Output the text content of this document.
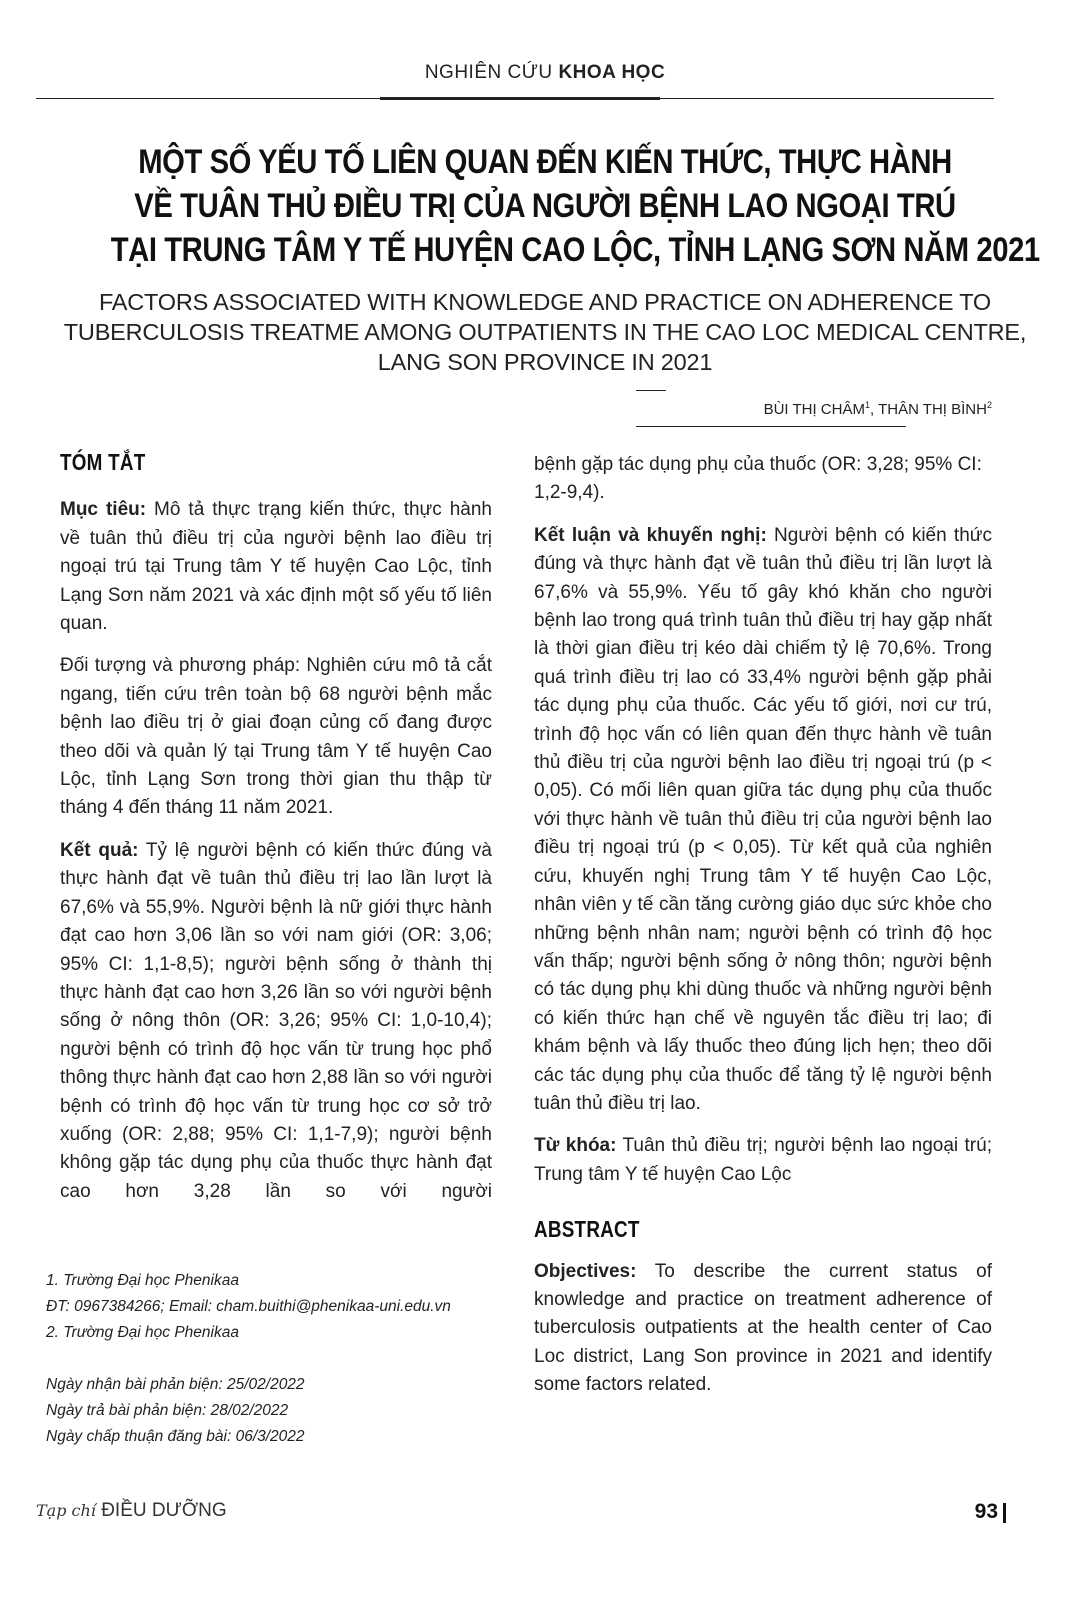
NGHIÊN CỨU KHOA HỌC
MỘT SỐ YẾU TỐ LIÊN QUAN ĐẾN KIẾN THỨC, THỰC HÀNH
VỀ TUÂN THỦ ĐIỀU TRỊ CỦA NGƯỜI BỆNH LAO NGOẠI TRÚ
TẠI TRUNG TÂM Y TẾ HUYỆN CAO LỘC, TỈNH LẠNG SƠN NĂM 2021
FACTORS ASSOCIATED WITH KNOWLEDGE AND PRACTICE ON ADHERENCE TO
TUBERCULOSIS TREATME AMONG OUTPATIENTS IN THE CAO LOC MEDICAL CENTRE,
LANG SON PROVINCE IN 2021
BÙI THỊ CHÂM$^1$, THÂN THỊ BÌNH$^2$
TÓM TẮT

Mục tiêu: Mô tả thực trạng kiến thức, thực hành về tuân thủ điều trị của người bệnh lao điều trị ngoại trú tại Trung tâm Y tế huyện Cao Lộc, tỉnh Lạng Sơn năm 2021 và xác định một số yếu tố liên quan.

Đối tượng và phương pháp: Nghiên cứu mô tả cắt ngang, tiến cứu trên toàn bộ 68 người bệnh mắc bệnh lao điều trị ở giai đoạn củng cố đang được theo dõi và quản lý tại Trung tâm Y tế huyện Cao Lộc, tỉnh Lạng Sơn trong thời gian thu thập từ tháng 4 đến tháng 11 năm 2021.

Kết quả: Tỷ lệ người bệnh có kiến thức đúng và thực hành đạt về tuân thủ điều trị lao lần lượt là 67,6% và 55,9%. Người bệnh là nữ giới thực hành đạt cao hơn 3,06 lần so với nam giới (OR: 3,06; 95% CI: 1,1-8,5); người bệnh sống ở thành thị thực hành đạt cao hơn 3,26 lần so với người bệnh sống ở nông thôn (OR: 3,26; 95% CI: 1,0-10,4); người bệnh có trình độ học vấn từ trung học phổ thông thực hành đạt cao hơn 2,88 lần so với người bệnh có trình độ học vấn từ trung học cơ sở trở xuống (OR: 2,88; 95% CI: 1,1-7,9); người bệnh không gặp tác dụng phụ của thuốc thực hành đạt cao hơn 3,28 lần so với người

bệnh gặp tác dụng phụ của thuốc (OR: 3,28; 95% CI: 1,2-9,4).

Kết luận và khuyến nghị: Người bệnh có kiến thức đúng và thực hành đạt về tuân thủ điều trị lần lượt là 67,6% và 55,9%. Yếu tố gây khó khăn cho người bệnh lao trong quá trình tuân thủ điều trị hay gặp nhất là thời gian điều trị kéo dài chiếm tỷ lệ 70,6%. Trong quá trình điều trị lao có 33,4% người bệnh gặp phải tác dụng phụ của thuốc. Các yếu tố giới, nơi cư trú, trình độ học vấn có liên quan đến thực hành về tuân thủ điều trị của người bệnh lao điều trị ngoại trú (p < 0,05). Có mối liên quan giữa tác dụng phụ của thuốc với thực hành về tuân thủ điều trị của người bệnh lao điều trị ngoại trú (p < 0,05). Từ kết quả của nghiên cứu, khuyến nghị Trung tâm Y tế huyện Cao Lộc, nhân viên y tế cần tăng cường giáo dục sức khỏe cho những bệnh nhân nam; người bệnh có trình độ học vấn thấp; người bệnh sống ở nông thôn; người bệnh có tác dụng phụ khi dùng thuốc và những người bệnh có kiến thức hạn chế về nguyên tắc điều trị lao; đi khám bệnh và lấy thuốc theo đúng lịch hẹn; theo dõi các tác dụng phụ của thuốc để tăng tỷ lệ người bệnh tuân thủ điều trị lao.

Từ khóa: Tuân thủ điều trị; người bệnh lao ngoại trú; Trung tâm Y tế huyện Cao Lộc

ABSTRACT

Objectives: To describe the current status of knowledge and practice on treatment adherence of tuberculosis outpatients at the health center of Cao Loc district, Lang Son province in 2021 and identify some factors related.

1. Trường Đại học Phenikaa
ĐT: 0967384266; Email: cham.buithi@phenikaa-uni.edu.vn
2. Trường Đại học Phenikaa
Ngày nhận bài phản biện: 25/02/2022
Ngày trả bài phản biện: 28/02/2022
Ngày chấp thuận đăng bài: 06/3/2022
Tạp chí ĐIỀU DƯỠNG	93
